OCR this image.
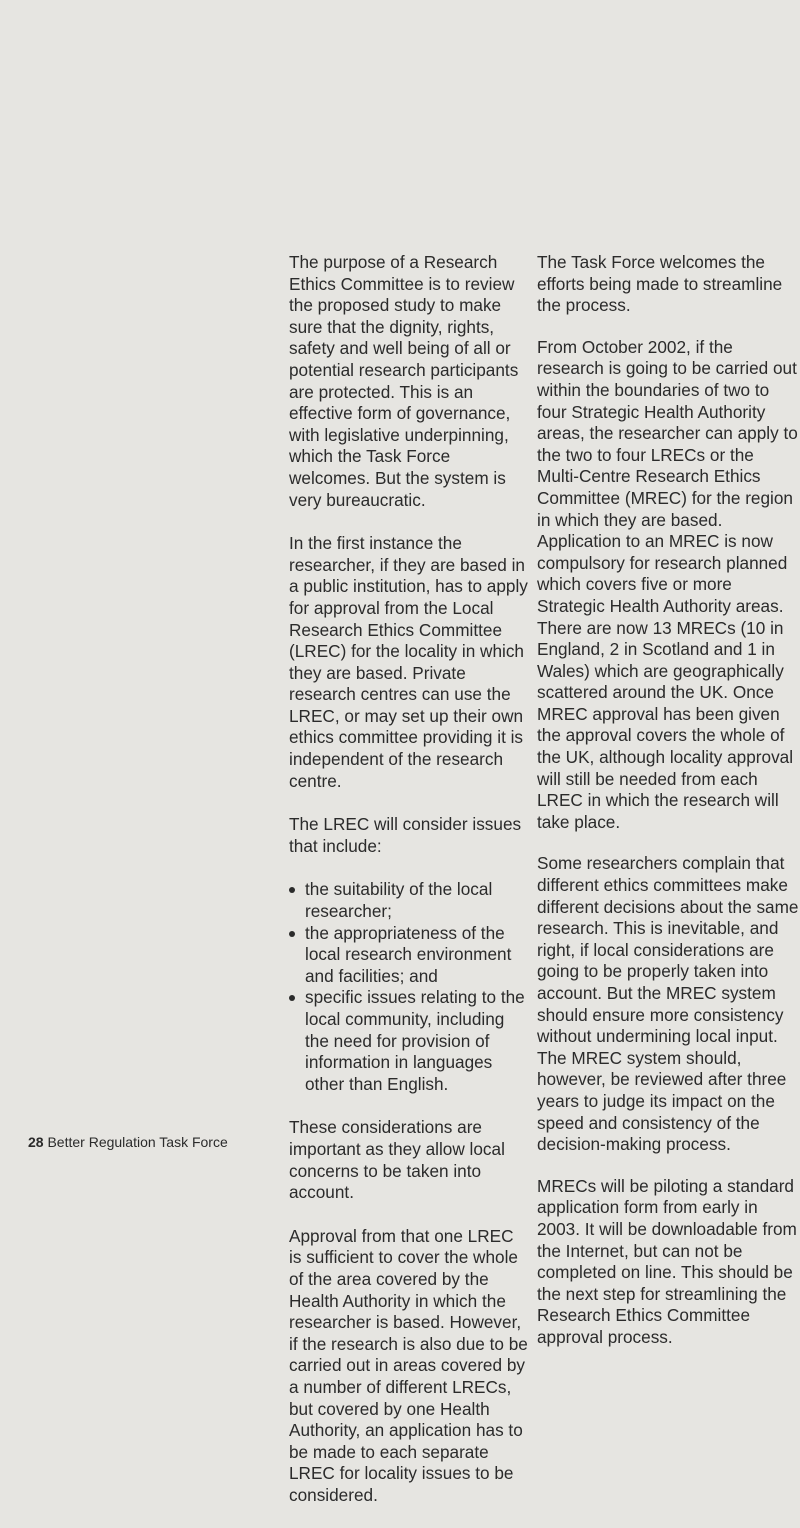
The purpose of a Research Ethics Committee is to review the proposed study to make sure that the dignity, rights, safety and well being of all or potential research participants are protected. This is an effective form of governance, with legislative underpinning, which the Task Force welcomes. But the system is very bureaucratic.

In the first instance the researcher, if they are based in a public institution, has to apply for approval from the Local Research Ethics Committee (LREC) for the locality in which they are based. Private research centres can use the LREC, or may set up their own ethics committee providing it is independent of the research centre.

The LREC will consider issues that include:

the suitability of the local researcher;
the appropriateness of the local research environment and facilities; and
specific issues relating to the local community, including the need for provision of information in languages other than English.

These considerations are important as they allow local concerns to be taken into account.

Approval from that one LREC is sufficient to cover the whole of the area covered by the Health Authority in which the researcher is based. However, if the research is also due to be carried out in areas covered by a number of different LRECs, but covered by one Health Authority, an application has to be made to each separate LREC for locality issues to be considered.

The Task Force welcomes the efforts being made to streamline the process.

From October 2002, if the research is going to be carried out within the boundaries of two to four Strategic Health Authority areas, the researcher can apply to the two to four LRECs or the Multi-Centre Research Ethics Committee (MREC) for the region in which they are based. Application to an MREC is now compulsory for research planned which covers five or more Strategic Health Authority areas. There are now 13 MRECs (10 in England, 2 in Scotland and 1 in Wales) which are geographically scattered around the UK. Once MREC approval has been given the approval covers the whole of the UK, although locality approval will still be needed from each LREC in which the research will take place.

Some researchers complain that different ethics committees make different decisions about the same research. This is inevitable, and right, if local considerations are going to be properly taken into account. But the MREC system should ensure more consistency without undermining local input. The MREC system should, however, be reviewed after three years to judge its impact on the speed and consistency of the decision-making process.

MRECs will be piloting a standard application form from early in 2003. It will be downloadable from the Internet, but can not be completed on line. This should be the next step for streamlining the Research Ethics Committee approval process.

28 Better Regulation Task Force
